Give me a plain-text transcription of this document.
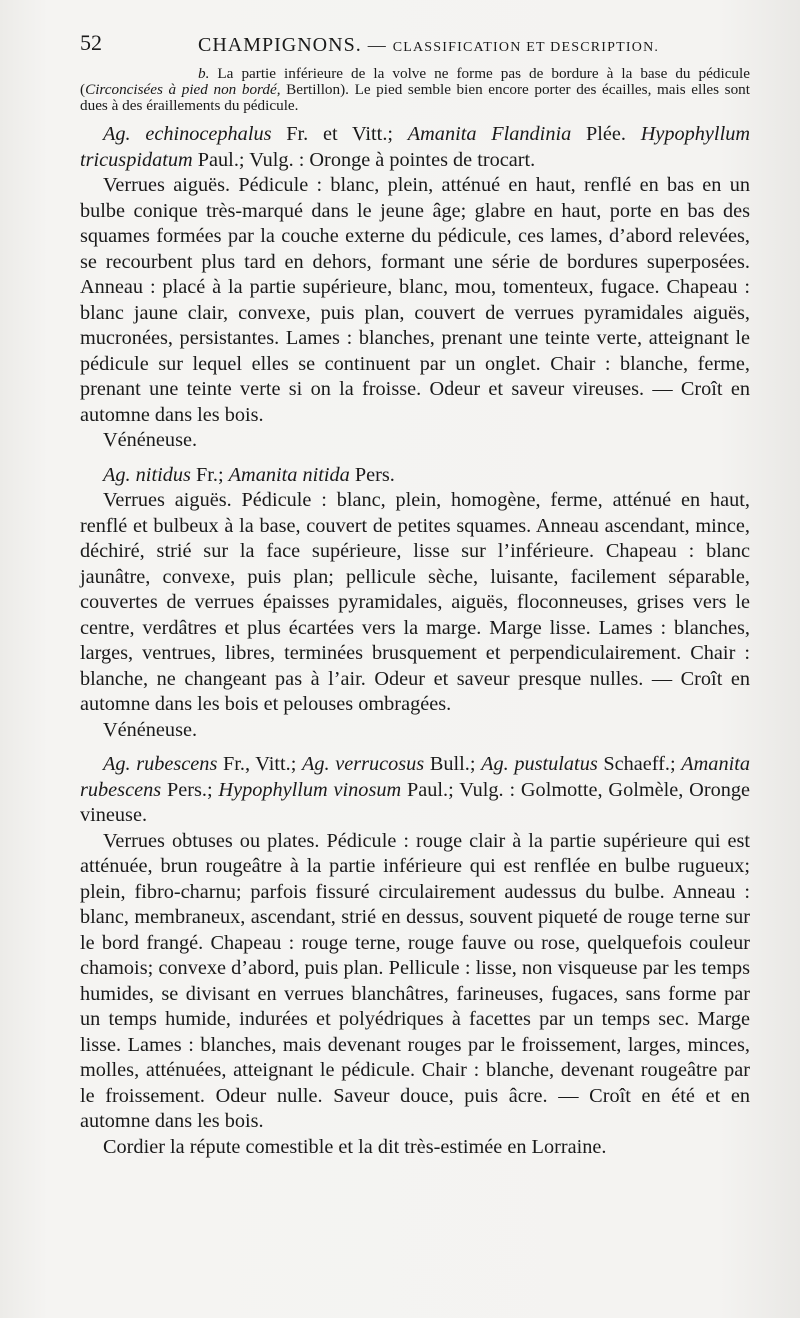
52	CHAMPIGNONS. — CLASSIFICATION ET DESCRIPTION.
b. La partie inférieure de la volve ne forme pas de bordure à la base du pédicule (Circoncisées à pied non bordé, Bertillon). Le pied semble bien encore porter des écailles, mais elles sont dues à des éraillements du pédicule.

Ag. echinocephalus Fr. et Vitt.; Amanita Flandinia Plée. Hypophyllum tricuspidatum Paul.; Vulg. : Oronge à pointes de trocart.

Verrues aiguës. Pédicule : blanc, plein, atténué en haut, renflé en bas en un bulbe conique très-marqué dans le jeune âge; glabre en haut, porte en bas des squames formées par la couche externe du pédicule, ces lames, d’abord relevées, se recourbent plus tard en dehors, formant une série de bordures superposées. Anneau : placé à la partie supérieure, blanc, mou, tomenteux, fugace. Chapeau : blanc jaune clair, convexe, puis plan, couvert de verrues pyramidales aiguës, mucronées, persistantes. Lames : blanches, prenant une teinte verte, atteignant le pédicule sur lequel elles se continuent par un onglet. Chair : blanche, ferme, prenant une teinte verte si on la froisse. Odeur et saveur vireuses. — Croît en automne dans les bois.

Vénéneuse.

Ag. nitidus Fr.; Amanita nitida Pers.

Verrues aiguës. Pédicule : blanc, plein, homogène, ferme, atténué en haut, renflé et bulbeux à la base, couvert de petites squames. Anneau ascendant, mince, déchiré, strié sur la face supérieure, lisse sur l’inférieure. Chapeau : blanc jaunâtre, convexe, puis plan; pellicule sèche, luisante, facilement séparable, couvertes de verrues épaisses pyramidales, aiguës, floconneuses, grises vers le centre, verdâtres et plus écartées vers la marge. Marge lisse. Lames : blanches, larges, ventrues, libres, terminées brusquement et perpendiculairement. Chair : blanche, ne changeant pas à l’air. Odeur et saveur presque nulles. — Croît en automne dans les bois et pelouses ombragées.

Vénéneuse.

Ag. rubescens Fr., Vitt.; Ag. verrucosus Bull.; Ag. pustulatus Schaeff.; Amanita rubescens Pers.; Hypophyllum vinosum Paul.; Vulg. : Golmotte, Golmèle, Oronge vineuse.

Verrues obtuses ou plates. Pédicule : rouge clair à la partie supérieure qui est atténuée, brun rougeâtre à la partie inférieure qui est renflée en bulbe rugueux; plein, fibro-charnu; parfois fissuré circulairement audessus du bulbe. Anneau : blanc, membraneux, ascendant, strié en dessus, souvent piqueté de rouge terne sur le bord frangé. Chapeau : rouge terne, rouge fauve ou rose, quelquefois couleur chamois; convexe d’abord, puis plan. Pellicule : lisse, non visqueuse par les temps humides, se divisant en verrues blanchâtres, farineuses, fugaces, sans forme par un temps humide, indurées et polyédriques à facettes par un temps sec. Marge lisse. Lames : blanches, mais devenant rouges par le froissement, larges, minces, molles, atténuées, atteignant le pédicule. Chair : blanche, devenant rougeâtre par le froissement. Odeur nulle. Saveur douce, puis âcre. — Croît en été et en automne dans les bois.

Cordier la répute comestible et la dit très-estimée en Lorraine.
